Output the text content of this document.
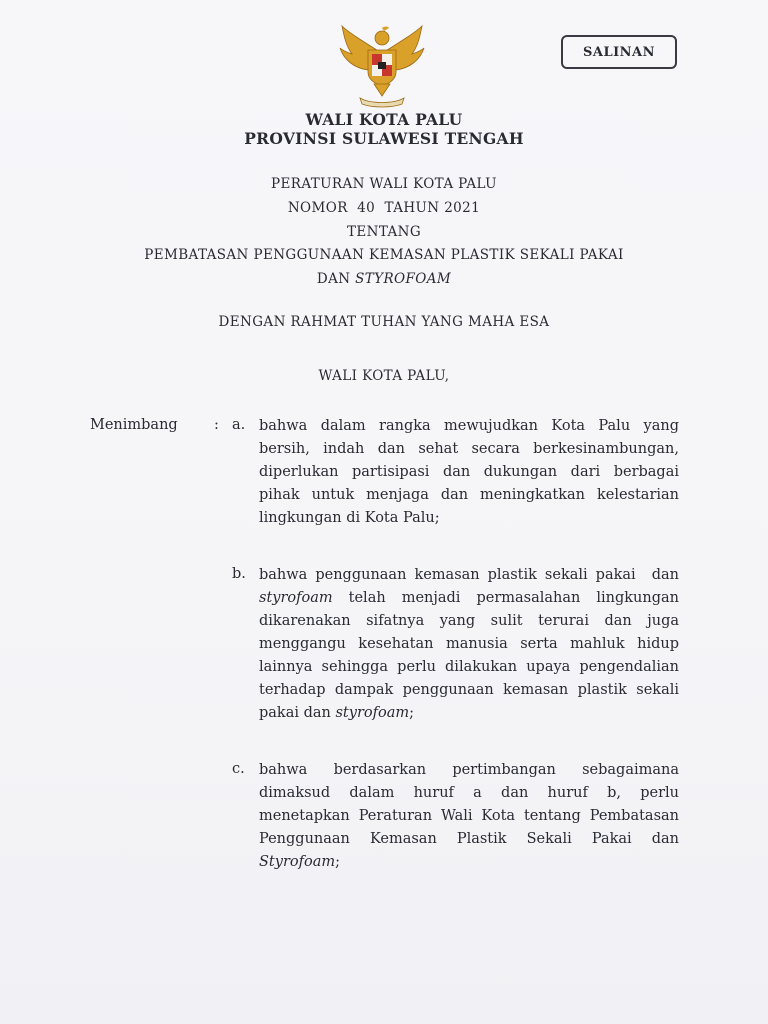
SALINAN
WALI KOTA PALU
PROVINSI SULAWESI TENGAH
PERATURAN WALI KOTA PALU
NOMOR  40  TAHUN 2021
TENTANG
PEMBATASAN PENGGUNAAN KEMASAN PLASTIK SEKALI PAKAI
DAN STYROFOAM
DENGAN RAHMAT TUHAN YANG MAHA ESA
WALI KOTA PALU,
Menimbang	: a. bahwa dalam rangka mewujudkan Kota Palu yang
bersih, indah dan sehat secara berkesinambungan,
diperlukan partisipasi dan dukungan dari berbagai
pihak untuk menjaga dan meningkatkan kelestarian
lingkungan di Kota Palu;
b. bahwa penggunaan kemasan plastik sekali pakai  dan
styrofoam telah menjadi permasalahan lingkungan
dikarenakan sifatnya yang sulit terurai dan juga
menggangu kesehatan manusia serta mahluk hidup
lainnya sehingga perlu dilakukan upaya pengendalian
terhadap dampak penggunaan kemasan plastik sekali
pakai dan styrofoam;
c. bahwa berdasarkan pertimbangan sebagaimana
dimaksud dalam huruf a dan huruf b, perlu
menetapkan Peraturan Wali Kota tentang Pembatasan
Penggunaan Kemasan Plastik Sekali Pakai dan
Styrofoam;
